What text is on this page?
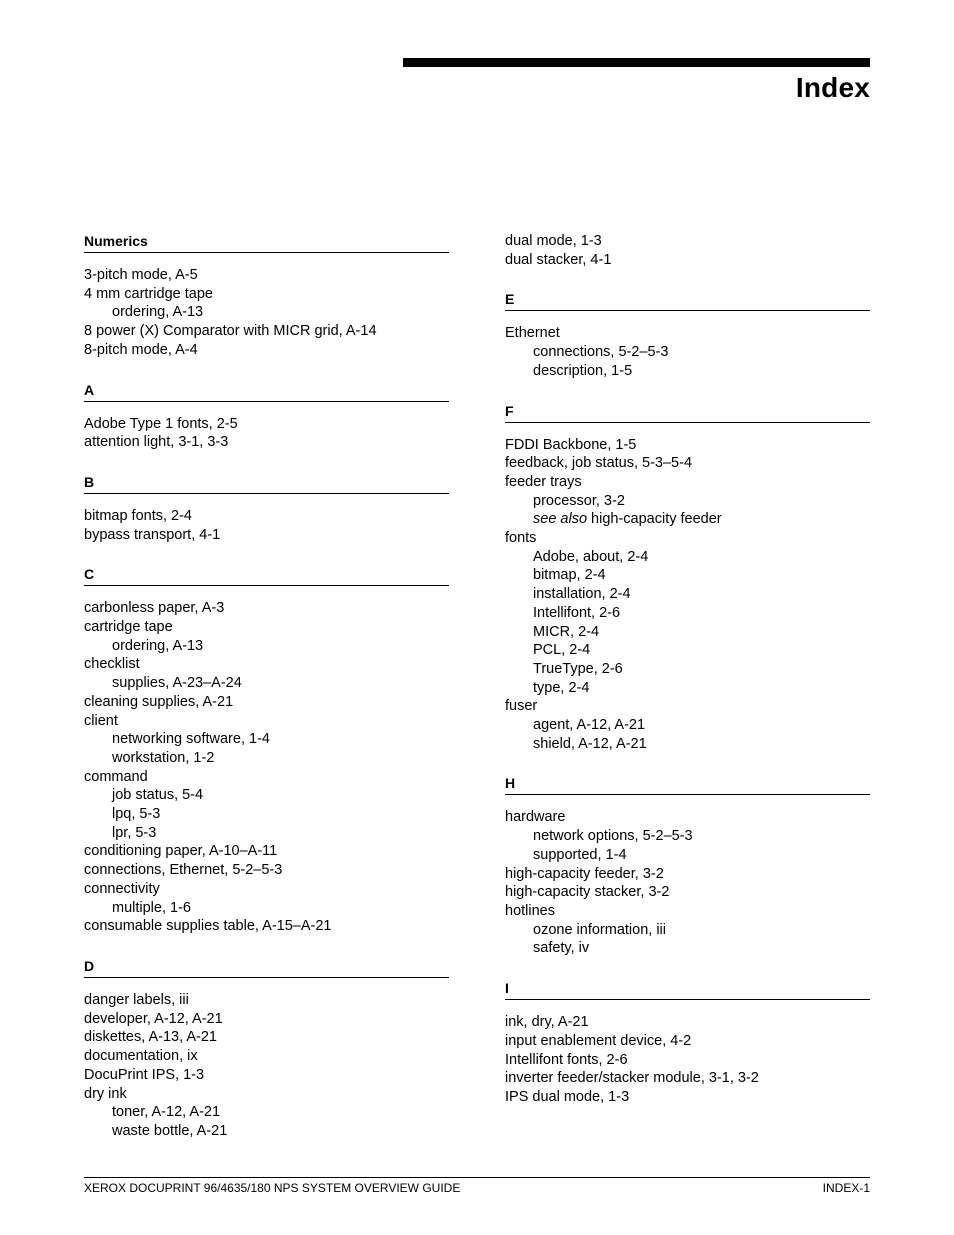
Index
Numerics
3-pitch mode, A-5
4 mm cartridge tape
ordering, A-13
8 power (X) Comparator with MICR grid, A-14
8-pitch mode, A-4
A
Adobe Type 1 fonts, 2-5
attention light, 3-1, 3-3
B
bitmap fonts, 2-4
bypass transport, 4-1
C
carbonless paper, A-3
cartridge tape
ordering, A-13
checklist
supplies, A-23–A-24
cleaning supplies, A-21
client
networking software, 1-4
workstation, 1-2
command
job status, 5-4
lpq, 5-3
lpr, 5-3
conditioning paper, A-10–A-11
connections, Ethernet, 5-2–5-3
connectivity
multiple, 1-6
consumable supplies table, A-15–A-21
D
danger labels, iii
developer, A-12, A-21
diskettes, A-13, A-21
documentation, ix
DocuPrint IPS, 1-3
dry ink
toner, A-12, A-21
waste bottle, A-21
dual mode, 1-3
dual stacker, 4-1
E
Ethernet
connections, 5-2–5-3
description, 1-5
F
FDDI Backbone, 1-5
feedback, job status, 5-3–5-4
feeder trays
processor, 3-2
see also high-capacity feeder
fonts
Adobe, about, 2-4
bitmap, 2-4
installation, 2-4
Intellifont, 2-6
MICR, 2-4
PCL, 2-4
TrueType, 2-6
type, 2-4
fuser
agent, A-12, A-21
shield, A-12, A-21
H
hardware
network options, 5-2–5-3
supported, 1-4
high-capacity feeder, 3-2
high-capacity stacker, 3-2
hotlines
ozone information, iii
safety, iv
I
ink, dry, A-21
input enablement device, 4-2
Intellifont fonts, 2-6
inverter feeder/stacker module, 3-1, 3-2
IPS dual mode, 1-3
XEROX DOCUPRINT 96/4635/180 NPS SYSTEM OVERVIEW GUIDE	INDEX-1
